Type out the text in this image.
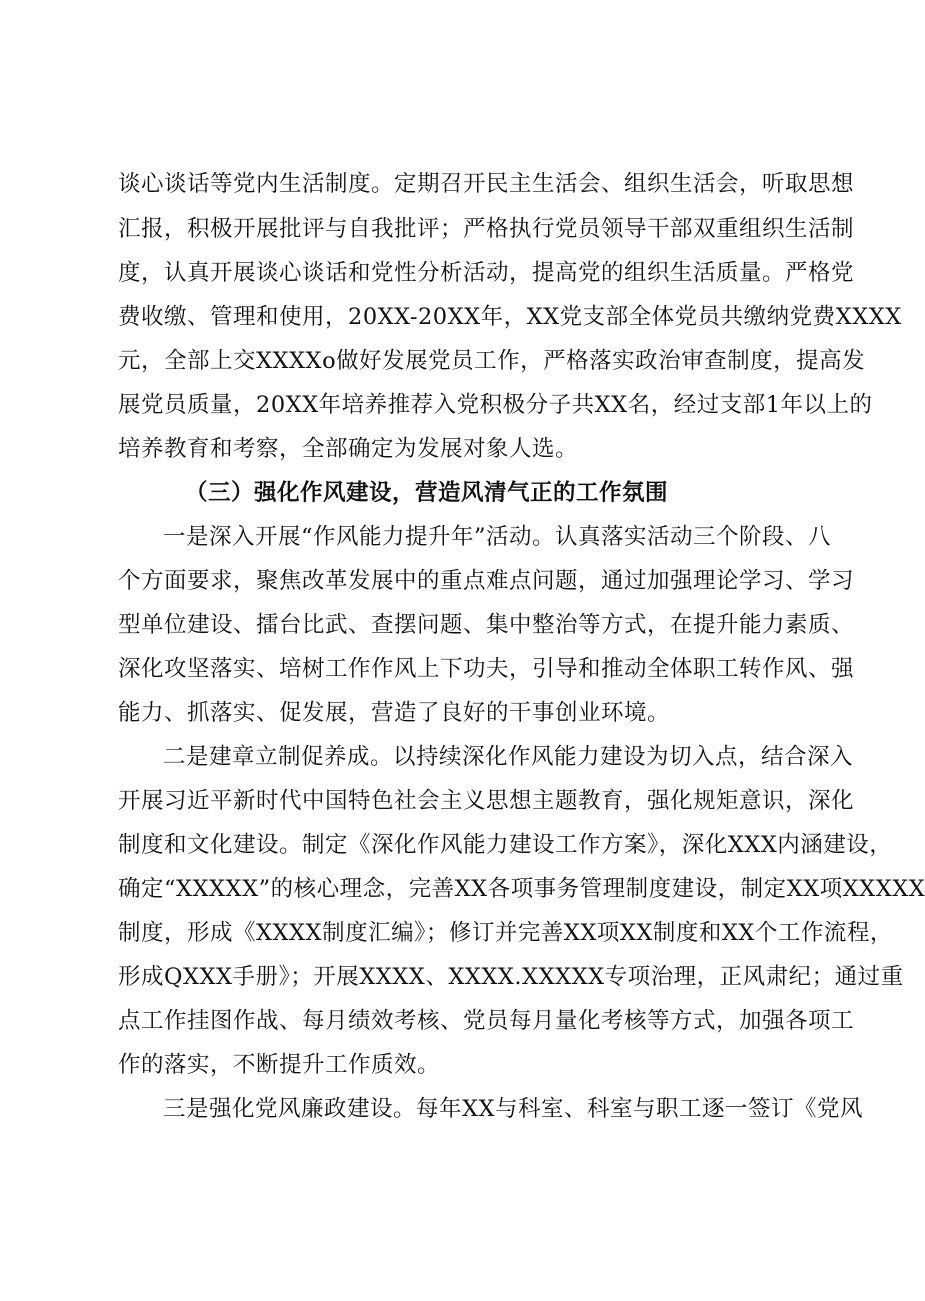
谈心谈话等党内生活制度。定期召开民主生活会、组织生活会，听取思想
汇报，积极开展批评与自我批评；严格执行党员领导干部双重组织生活制
度，认真开展谈心谈话和党性分析活动，提高党的组织生活质量。严格党
费收缴、管理和使用，20XX-20XX年，XX党支部全体党员共缴纳党费XXXX
元，全部上交XXXXo做好发展党员工作，严格落实政治审查制度，提高发
展党员质量，20XX年培养推荐入党积极分子共XX名，经过支部1年以上的
培养教育和考察，全部确定为发展对象人选。
（三）强化作风建设，营造风清气正的工作氛围
一是深入开展“作风能力提升年”活动。认真落实活动三个阶段、八
个方面要求，聚焦改革发展中的重点难点问题，通过加强理论学习、学习
型单位建设、擂台比武、查摆问题、集中整治等方式，在提升能力素质、
深化攻坚落实、培树工作作风上下功夫，引导和推动全体职工转作风、强
能力、抓落实、促发展，营造了良好的干事创业环境。
二是建章立制促养成。以持续深化作风能力建设为切入点，结合深入
开展习近平新时代中国特色社会主义思想主题教育，强化规矩意识，深化
制度和文化建设。制定《深化作风能力建设工作方案》，深化XXX内涵建设，
确定“XXXXX”的核心理念，完善XX各项事务管理制度建设，制定XX项XXXXX
制度，形成《XXXX制度汇编》；修订并完善XX项XX制度和XX个工作流程，
形成QXXX手册》；开展XXXX、XXXX.XXXXX专项治理，正风肃纪；通过重
点工作挂图作战、每月绩效考核、党员每月量化考核等方式，加强各项工
作的落实，不断提升工作质效。
三是强化党风廉政建设。每年XX与科室、科室与职工逐一签订《党风
